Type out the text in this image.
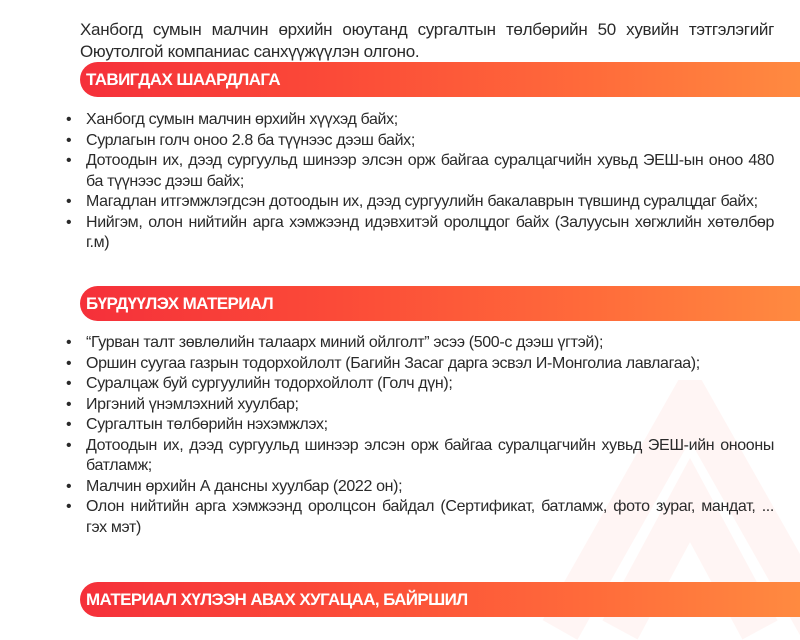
Ханбогд сумын малчин өрхийн оюутанд сургалтын төлбөрийн 50 хувийн тэтгэлэгийг Оюутолгой компаниас санхүүжүүлэн олгоно.

ТАВИГДАХ ШААРДЛАГА
• Ханбогд сумын малчин өрхийн хүүхэд байх;
• Сурлагын голч оноо 2.8 ба түүнээс дээш байх;
• Дотоодын их, дээд сургуульд шинээр элсэн орж байгаа суралцагчийн хувьд ЭЕШ-ын оноо 480 ба түүнээс дээш байх;
• Магадлан итгэмжлэгдсэн дотоодын их, дээд сургуулийн бакалаврын түвшинд суралцдаг байх;
• Нийгэм, олон нийтийн арга хэмжээнд идэвхитэй оролцдог байх (Залуусын хөгжлийн хөтөлбөр г.м)
БҮРДҮҮЛЭХ МАТЕРИАЛ
• “Гурван талт зөвлөлийн талаарх миний ойлголт” эсээ (500-с дээш үгтэй);
• Оршин суугаа газрын тодорхойлолт (Багийн Засаг дарга эсвэл И-Монголиа лавлагаа);
• Суралцаж буй сургуулийн тодорхойлолт (Голч дүн);
• Иргэний үнэмлэхний хуулбар;
• Сургалтын төлбөрийн нэхэмжлэх;
• Дотоодын их, дээд сургуульд шинээр элсэн орж байгаа суралцагчийн хувьд ЭЕШ-ийн онооны батламж;
• Малчин өрхийн А дансны хуулбар (2022 он);
• Олон нийтийн арга хэмжээнд оролцсон байдал (Сертификат, батламж, фото зураг, мандат, ... гэх мэт)
МАТЕРИАЛ ХҮЛЭЭН АВАХ ХУГАЦАА, БАЙРШИЛ
